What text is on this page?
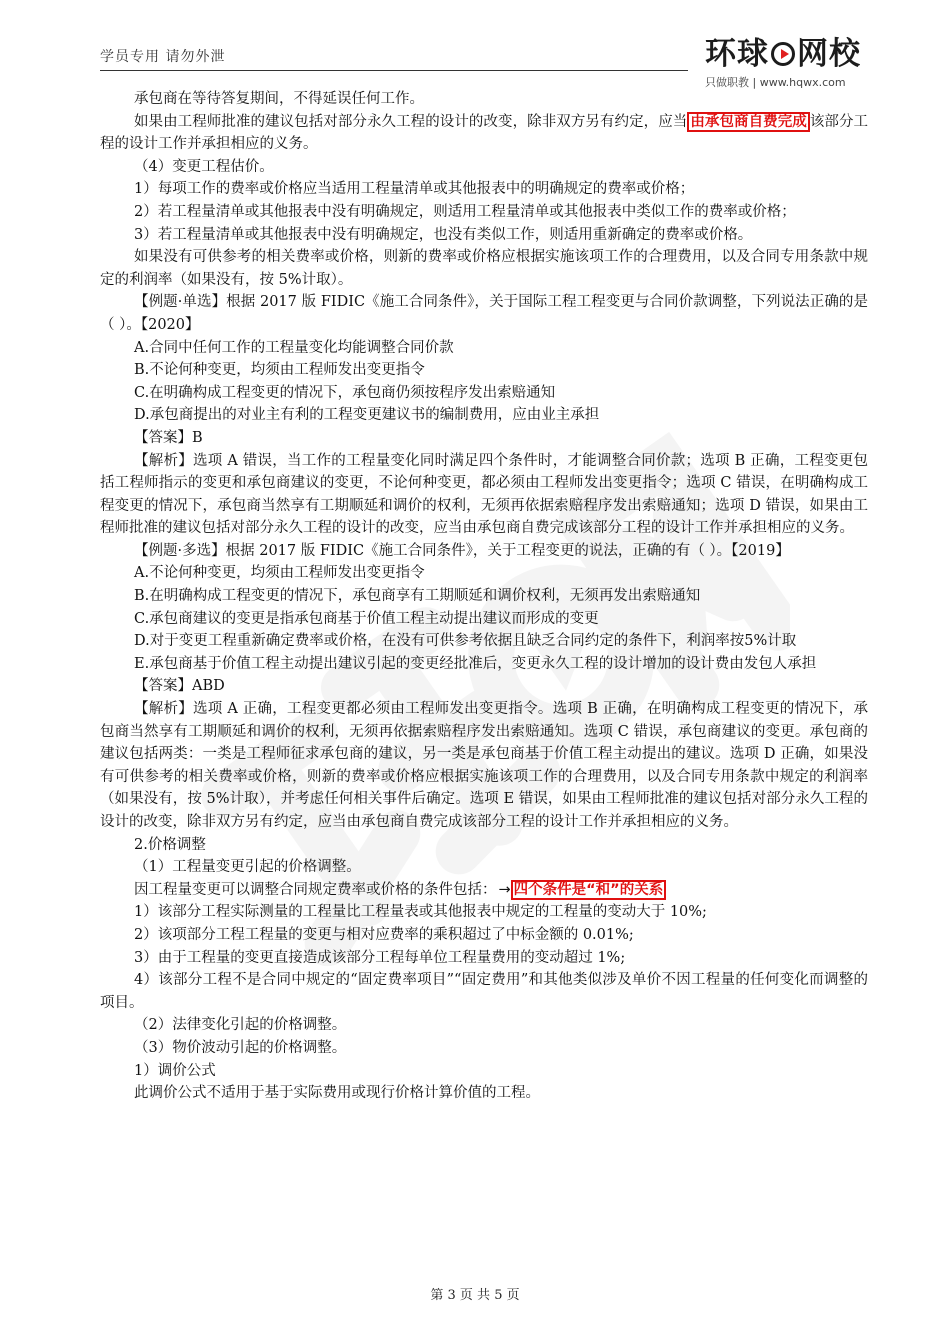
学员专用 请勿外泄	环球 网校
只做职教 | www.hqwx.com

承包商在等待答复期间，不得延误任何工作。

如果由工程师批准的建议包括对部分永久工程的设计的改变，除非双方另有约定，应当 由承包商自费完成 该部分工程的设计工作并承担相应的义务。

（4）变更工程估价。

1）每项工作的费率或价格应当适用工程量清单或其他报表中的明确规定的费率或价格；

2）若工程量清单或其他报表中没有明确规定，则适用工程量清单或其他报表中类似工作的费率或价格；

3）若工程量清单或其他报表中没有明确规定，也没有类似工作，则适用重新确定的费率或价格。

如果没有可供参考的相关费率或价格，则新的费率或价格应根据实施该项工作的合理费用，以及合同专用条款中规定的利润率（如果没有，按 5%计取）。

【例题·单选】根据 2017 版 FIDIC《施工合同条件》，关于国际工程工程变更与合同价款调整，下列说法正确的是（ ）。【2020】

A.合同中任何工作的工程量变化均能调整合同价款

B.不论何种变更，均须由工程师发出变更指令

C.在明确构成工程变更的情况下，承包商仍须按程序发出索赔通知

D.承包商提出的对业主有利的工程变更建议书的编制费用，应由业主承担

【答案】B

【解析】选项 A 错误，当工作的工程量变化同时满足四个条件时，才能调整合同价款；选项 B 正确，工程变更包括工程师指示的变更和承包商建议的变更，不论何种变更，都必须由工程师发出变更指令；选项 C 错误，在明确构成工程变更的情况下，承包商当然享有工期顺延和调价的权利，无须再依据索赔程序发出索赔通知；选项 D 错误，如果由工程师批准的建议包括对部分永久工程的设计的改变，应当由承包商自费完成该部分工程的设计工作并承担相应的义务。

【例题·多选】根据 2017 版 FIDIC《施工合同条件》，关于工程变更的说法，正确的有（ ）。【2019】

A.不论何种变更，均须由工程师发出变更指令

B.在明确构成工程变更的情况下，承包商享有工期顺延和调价权利，无须再发出索赔通知

C.承包商建议的变更是指承包商基于价值工程主动提出建议而形成的变更

D.对于变更工程重新确定费率或价格，在没有可供参考依据且缺乏合同约定的条件下，利润率按5%计取

E.承包商基于价值工程主动提出建议引起的变更经批准后，变更永久工程的设计增加的设计费由发包人承担

【答案】ABD

【解析】选项 A 正确，工程变更都必须由工程师发出变更指令。选项 B 正确，在明确构成工程变更的情况下，承包商当然享有工期顺延和调价的权利，无须再依据索赔程序发出索赔通知。选项 C 错误，承包商建议的变更。承包商的建议包括两类：一类是工程师征求承包商的建议，另一类是承包商基于价值工程主动提出的建议。选项 D 正确，如果没有可供参考的相关费率或价格，则新的费率或价格应根据实施该项工作的合理费用，以及合同专用条款中规定的利润率（如果没有，按 5%计取），并考虑任何相关事件后确定。选项 E 错误，如果由工程师批准的建议包括对部分永久工程的设计的改变，除非双方另有约定，应当由承包商自费完成该部分工程的设计工作并承担相应的义务。

2.价格调整

（1）工程量变更引起的价格调整。

因工程量变更可以调整合同规定费率或价格的条件包括： → 四个条件是“和”的关系

1）该部分工程实际测量的工程量比工程量表或其他报表中规定的工程量的变动大于 10%;

2）该项部分工程工程量的变更与相对应费率的乘积超过了中标金额的 0.01%;

3）由于工程量的变更直接造成该部分工程每单位工程量费用的变动超过 1%;

4）该部分工程不是合同中规定的“固定费率项目”“固定费用”和其他类似涉及单价不因工程量的任何变化而调整的项目。

（2）法律变化引起的价格调整。

（3）物价波动引起的价格调整。

1）调价公式

此调价公式不适用于基于实际费用或现行价格计算价值的工程。

第 3 页 共 5 页
